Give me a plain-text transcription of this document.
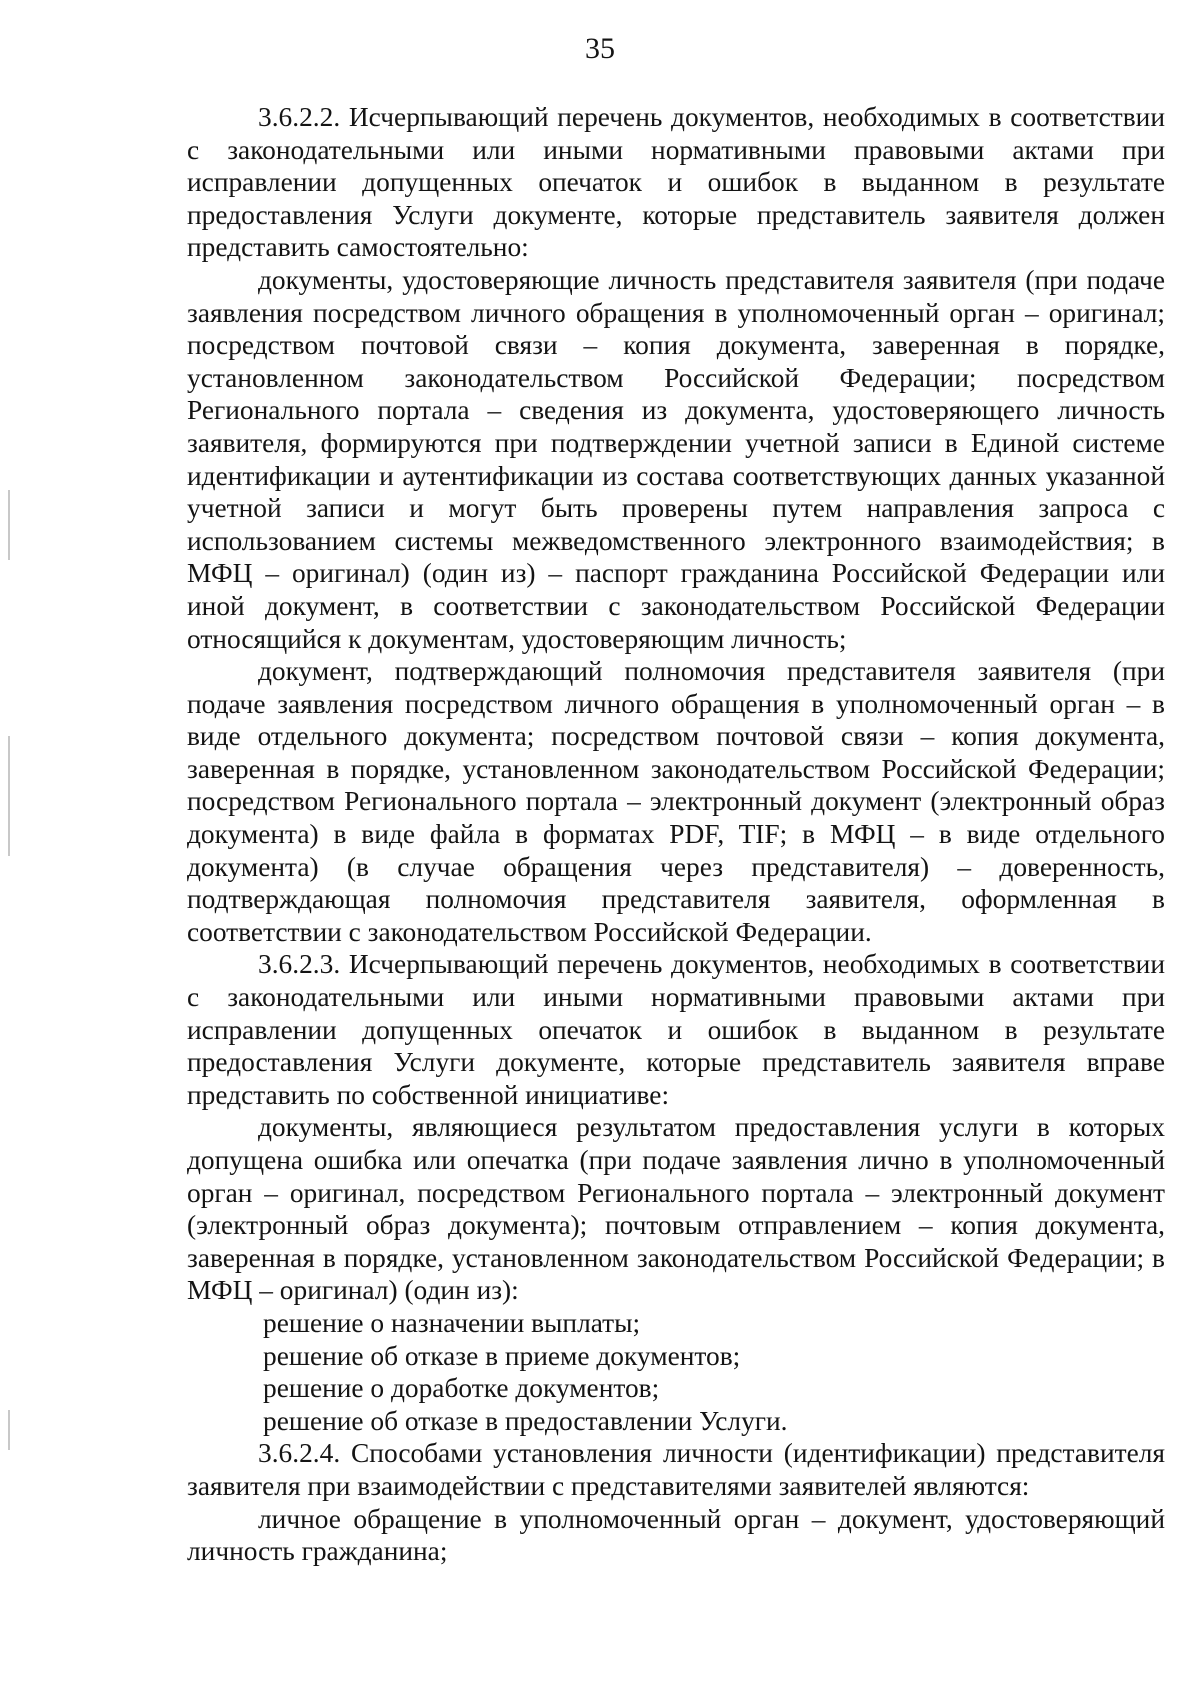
35

3.6.2.2. Исчерпывающий перечень документов, необходимых в соответствии с законодательными или иными нормативными правовыми актами при исправлении допущенных опечаток и ошибок в выданном в результате предоставления Услуги документе, которые представитель заявителя должен представить самостоятельно:

документы, удостоверяющие личность представителя заявителя (при подаче заявления посредством личного обращения в уполномоченный орган – оригинал; посредством почтовой связи – копия документа, заверенная в порядке, установленном законодательством Российской Федерации; посредством Регионального портала – сведения из документа, удостоверяющего личность заявителя, формируются при подтверждении учетной записи в Единой системе идентификации и аутентификации из состава соответствующих данных указанной учетной записи и могут быть проверены путем направления запроса с использованием системы межведомственного электронного взаимодействия; в МФЦ – оригинал) (один из) – паспорт гражданина Российской Федерации или иной документ, в соответствии с законодательством Российской Федерации относящийся к документам, удостоверяющим личность;

документ, подтверждающий полномочия представителя заявителя (при подаче заявления посредством личного обращения в уполномоченный орган – в виде отдельного документа; посредством почтовой связи – копия документа, заверенная в порядке, установленном законодательством Российской Федерации; посредством Регионального портала – электронный документ (электронный образ документа) в виде файла в форматах PDF, TIF; в МФЦ – в виде отдельного документа) (в случае обращения через представителя) – доверенность, подтверждающая полномочия представителя заявителя, оформленная в соответствии с законодательством Российской Федерации.

3.6.2.3. Исчерпывающий перечень документов, необходимых в соответствии с законодательными или иными нормативными правовыми актами при исправлении допущенных опечаток и ошибок в выданном в результате предоставления Услуги документе, которые представитель заявителя вправе представить по собственной инициативе:

документы, являющиеся результатом предоставления услуги в которых допущена ошибка или опечатка (при подаче заявления лично в уполномоченный орган – оригинал, посредством Регионального портала – электронный документ (электронный образ документа); почтовым отправлением – копия документа, заверенная в порядке, установленном законодательством Российской Федерации; в МФЦ – оригинал) (один из):

решение о назначении выплаты;

решение об отказе в приеме документов;

решение о доработке документов;

решение об отказе в предоставлении Услуги.

3.6.2.4. Способами установления личности (идентификации) представителя заявителя при взаимодействии с представителями заявителей являются:

личное обращение в уполномоченный орган – документ, удостоверяющий личность гражданина;
